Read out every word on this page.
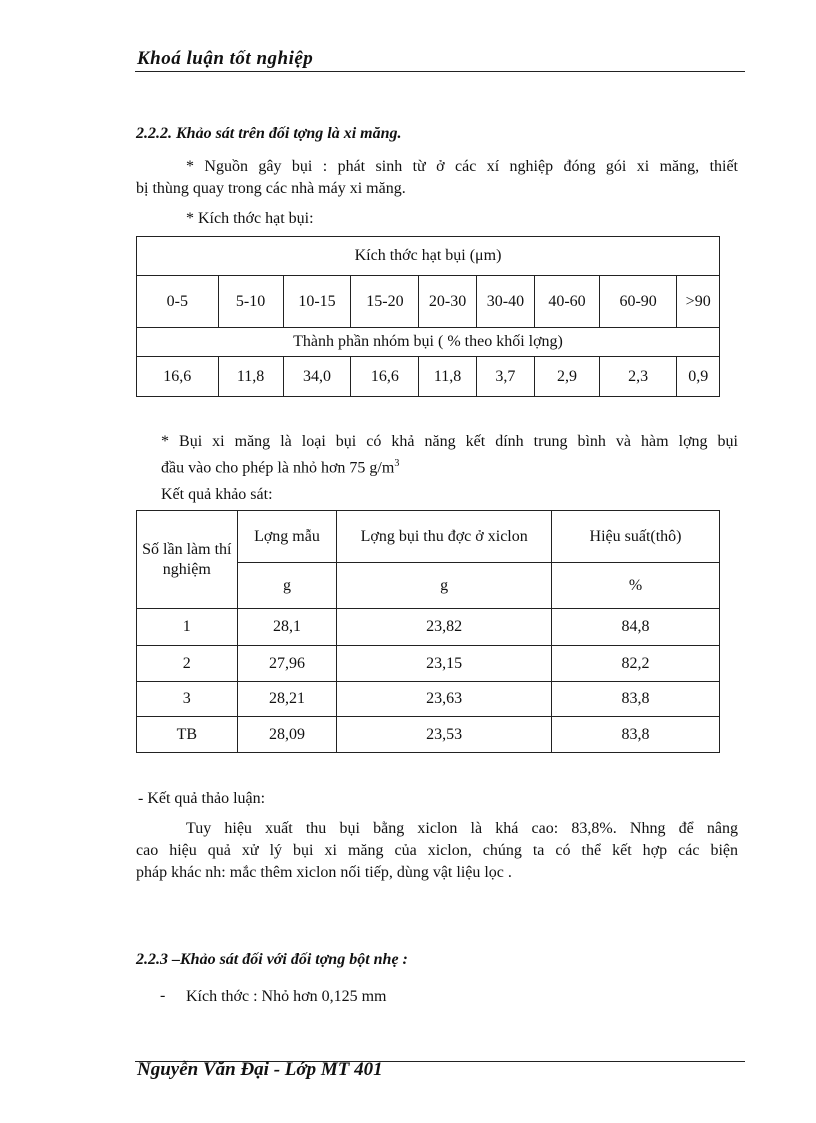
Khoá luận tốt nghiệp
2.2.2. Khảo sát trên đối tợng là xi măng.
* Nguồn gây bụi : phát sinh từ ở các xí nghiệp đóng gói xi măng, thiết
bị thùng quay trong các nhà máy xi măng.
* Kích thớc hạt bụi:
Kích thớc hạt bụi (μm)								
0-5	5-10	10-15	15-20	20-30	30-40	40-60	60-90	>90
Thành phần nhóm bụi ( % theo khối lợng)								
16,6	11,8	34,0	16,6	11,8	3,7	2,9	2,3	0,9
* Bụi xi măng là loại bụi có khả năng kết dính trung bình và hàm lợng bụi
đầu vào cho phép là nhỏ hơn 75 $g/m^3$
Kết quả khảo sát:
Số lần làm thí nghiệm	Lợng mẫu	Lợng bụi thu đợc ở xiclon	Hiệu suất(thô)
	g	g	%
1	28,1	23,82	84,8
2	27,96	23,15	82,2
3	28,21	23,63	83,8
TB	28,09	23,53	83,8
- Kết quả thảo luận:
Tuy hiệu xuất thu bụi bằng xiclon là khá cao: 83,8%. Nhng để nâng
cao hiệu quả xử lý bụi xi măng của xiclon, chúng ta có thể kết hợp các biện
pháp khác nh: mắc thêm xiclon nối tiếp, dùng vật liệu lọc .
2.2.3 –Khảo sát đối với đối tợng bột nhẹ :
- Kích thớc : Nhỏ hơn 0,125 mm
Nguyễn Văn Đại - Lớp MT 401
